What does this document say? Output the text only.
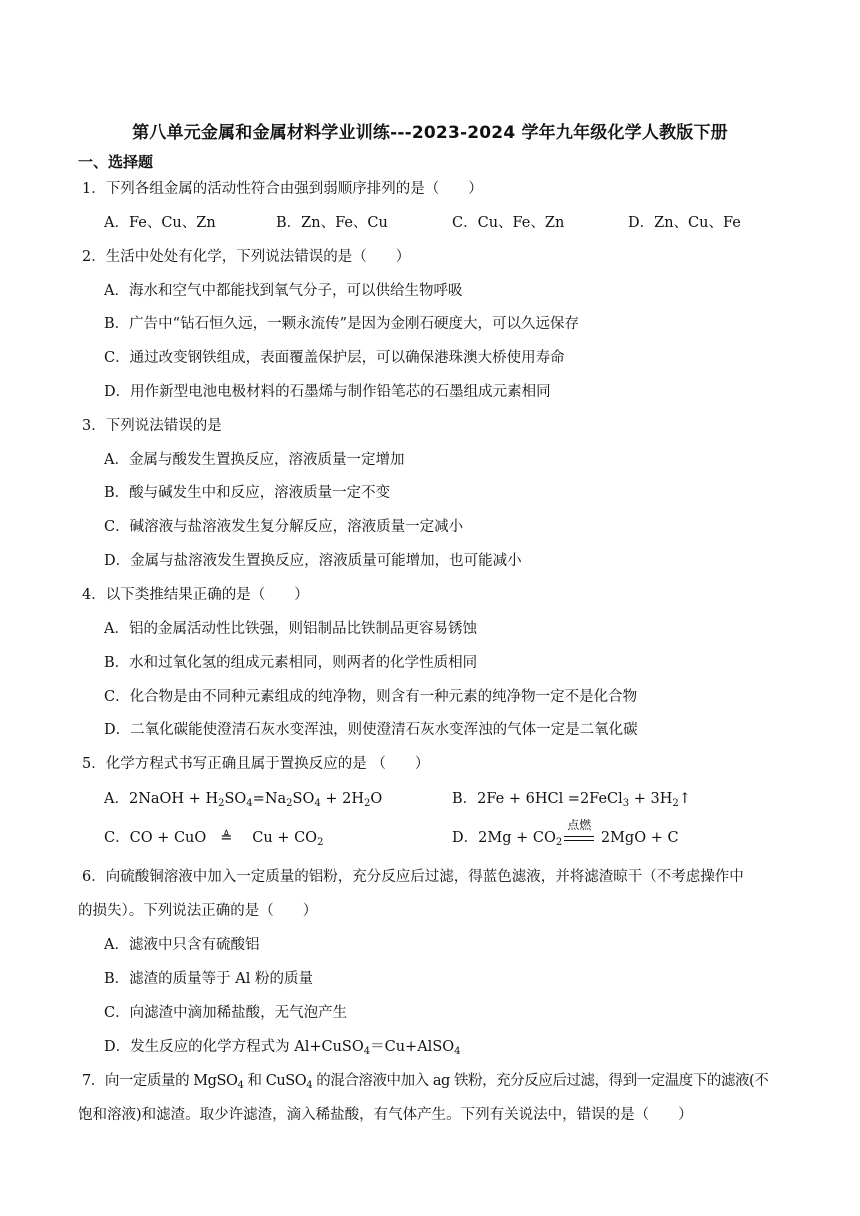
第八单元金属和金属材料学业训练---2023-2024 学年九年级化学人教版下册
一、选择题
1．下列各组金属的活动性符合由强到弱顺序排列的是（　　）
A．Fe、Cu、Zn	B．Zn、Fe、Cu	C．Cu、Fe、Zn	D．Zn、Cu、Fe
2．生活中处处有化学，下列说法错误的是（　　）
A．海水和空气中都能找到氧气分子，可以供给生物呼吸
B．广告中“钻石恒久远，一颗永流传”是因为金刚石硬度大，可以久远保存
C．通过改变钢铁组成，表面覆盖保护层，可以确保港珠澳大桥使用寿命
D．用作新型电池电极材料的石墨烯与制作铅笔芯的石墨组成元素相同
3．下列说法错误的是
A．金属与酸发生置换反应，溶液质量一定增加
B．酸与碱发生中和反应，溶液质量一定不变
C．碱溶液与盐溶液发生复分解反应，溶液质量一定减小
D．金属与盐溶液发生置换反应，溶液质量可能增加，也可能减小
4．以下类推结果正确的是（　　）
A．铝的金属活动性比铁强，则铝制品比铁制品更容易锈蚀
B．水和过氧化氢的组成元素相同，则两者的化学性质相同
C．化合物是由不同种元素组成的纯净物，则含有一种元素的纯净物一定不是化合物
D．二氧化碳能使澄清石灰水变浑浊，则使澄清石灰水变浑浊的气体一定是二氧化碳
5．化学方程式书写正确且属于置换反应的是 （　　）
A．2NaOH + $H_2SO_4=Na_2SO_4 + 2H_2O$	B．2Fe + 6HCl =2FeCl$_3$ + $3H_2↑$
C．CO + CuO ≜ $Cu + CO_2$	D．$2Mg + CO_2$
点燃
2MgO + C
6．向硫酸铜溶液中加入一定质量的铝粉，充分反应后过滤，得蓝色滤液，并将滤渣晾干（不考虑操作中
的损失）。下列说法正确的是（　　）
A．滤液中只含有硫酸铝
B．滤渣的质量等于 Al 粉的质量
C．向滤渣中滴加稀盐酸，无气泡产生
D．发生反应的化学方程式为 Al+CuSO$_4$＝Cu+AlSO$_4$
7．向一定质量的 MgSO$_4$ 和 CuSO$_4$ 的混合溶液中加入 ag 铁粉，充分反应后过滤，得到一定温度下的滤液(不
饱和溶液)和滤渣。取少许滤渣，滴入稀盐酸，有气体产生。下列有关说法中，错误的是（　　）
